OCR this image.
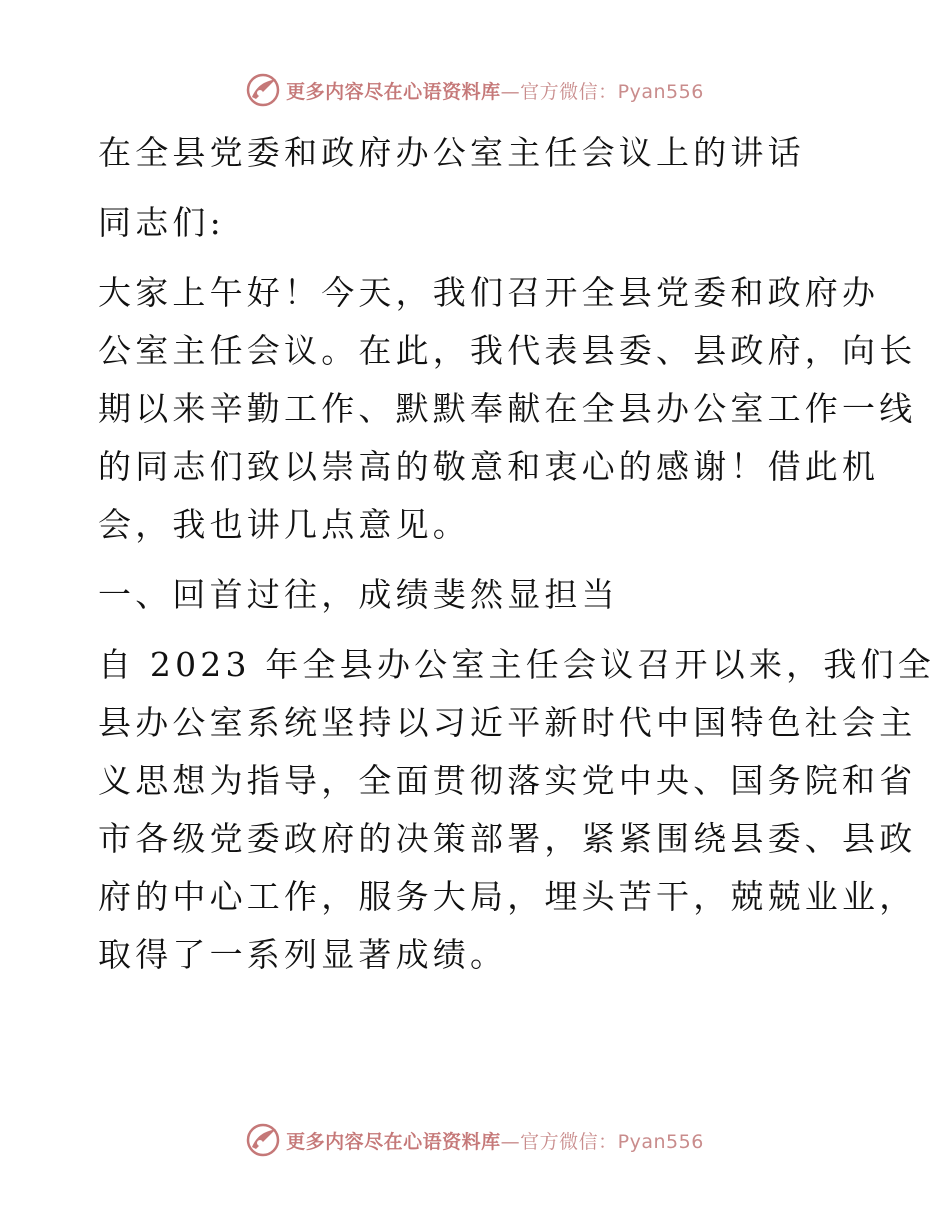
更多内容尽在心语资料库—官方微信：Pyan556

在全县党委和政府办公室主任会议上的讲话

同志们:

大家上午好！今天，我们召开全县党委和政府办

公室主任会议。在此，我代表县委、县政府，向长

期以来辛勤工作、默默奉献在全县办公室工作一线

的同志们致以崇高的敬意和衷心的感谢！借此机

会，我也讲几点意见。

一、回首过往，成绩斐然显担当

自 2023 年全县办公室主任会议召开以来，我们全

县办公室系统坚持以习近平新时代中国特色社会主

义思想为指导，全面贯彻落实党中央、国务院和省

市各级党委政府的决策部署，紧紧围绕县委、县政

府的中心工作，服务大局，埋头苦干，兢兢业业，

取得了一系列显著成绩。

更多内容尽在心语资料库—官方微信：Pyan556
